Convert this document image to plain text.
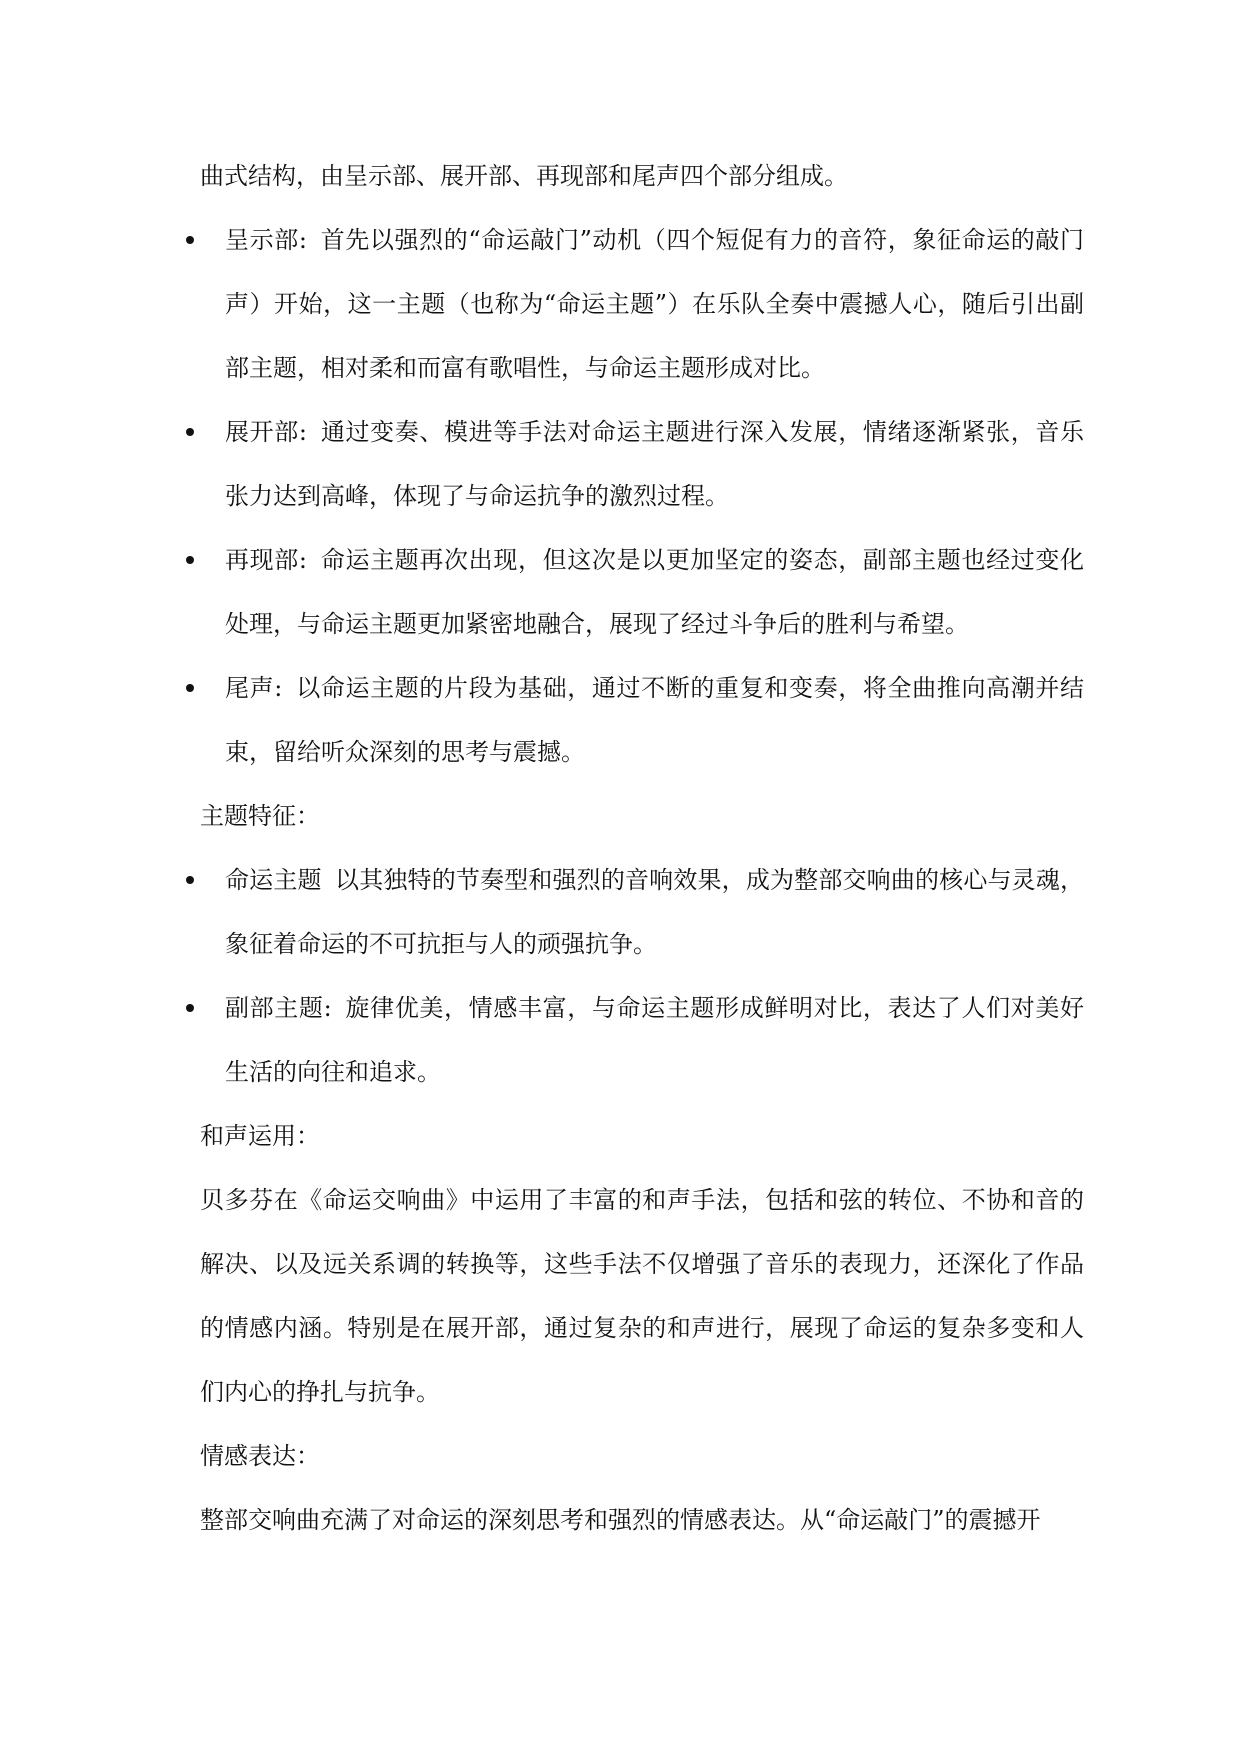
曲式结构，由呈示部、展开部、再现部和尾声四个部分组成。

呈示部: 首先以强烈的“命运敲门”动机（四个短促有力的音符，象征命运的敲门声）开始，这一主题（也称为“命运主题”）在乐队全奏中震撼人心，随后引出副部主题，相对柔和而富有歌唱性，与命运主题形成对比。
展开部: 通过变奏、模进等手法对命运主题进行深入发展，情绪逐渐紧张，音乐张力达到高峰，体现了与命运抗争的激烈过程。
再现部: 命运主题再次出现，但这次是以更加坚定的姿态，副部主题也经过变化处理，与命运主题更加紧密地融合，展现了经过斗争后的胜利与希望。
尾声: 以命运主题的片段为基础，通过不断的重复和变奏，将全曲推向高潮并结束，留给听众深刻的思考与震撼。

主题特征：

命运主题 以其独特的节奏型和强烈的音响效果，成为整部交响曲的核心与灵魂，象征着命运的不可抗拒与人的顽强抗争。
副部主题: 旋律优美，情感丰富，与命运主题形成鲜明对比，表达了人们对美好生活的向往和追求。

和声运用：

贝多芬在《命运交响曲》中运用了丰富的和声手法，包括和弦的转位、不协和音的解决、以及远关系调的转换等，这些手法不仅增强了音乐的表现力，还深化了作品的情感内涵。特别是在展开部，通过复杂的和声进行，展现了命运的复杂多变和人们内心的挣扎与抗争。

情感表达：

整部交响曲充满了对命运的深刻思考和强烈的情感表达。从“命运敲门”的震撼开
